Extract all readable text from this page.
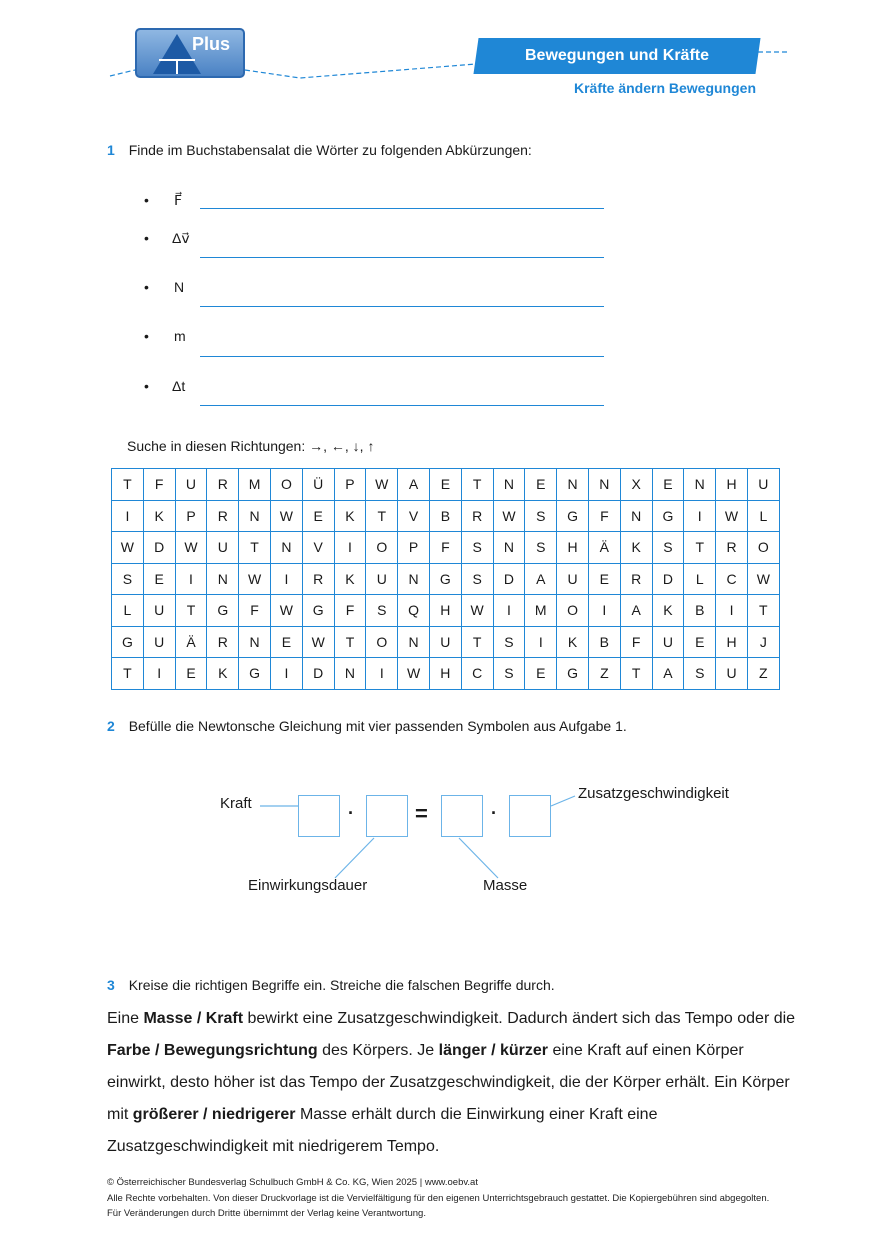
Plus
Bewegungen und Kräfte
Kräfte ändern Bewegungen
1 Finde im Buchstabensalat die Wörter zu folgenden Abkürzungen:
• F⃗
• Δv⃗
• N
• m
• Δt
Suche in diesen Richtungen: →, ←, ↓, ↑
T	F	U	R	M	O	Ü	P	W	A	E	T	N	E	N	N	X	E	N	H	U
I	K	P	R	N	W	E	K	T	V	B	R	W	S	G	F	N	G	I	W	L
W	D	W	U	T	N	V	I	O	P	F	S	N	S	H	Ä	K	S	T	R	O
S	E	I	N	W	I	R	K	U	N	G	S	D	A	U	E	R	D	L	C	W
L	U	T	G	F	W	G	F	S	Q	H	W	I	M	O	I	A	K	B	I	T
G	U	Ä	R	N	E	W	T	O	N	U	T	S	I	K	B	F	U	E	H	J
T	I	E	K	G	I	D	N	I	W	H	C	S	E	G	Z	T	A	S	U	Z
2 Befülle die Newtonsche Gleichung mit vier passenden Symbolen aus Aufgabe 1.
Kraft
Zusatzgeschwindigkeit
Einwirkungsdauer	Masse
·	=	·
3 Kreise die richtigen Begriffe ein. Streiche die falschen Begriffe durch.
Eine Masse / Kraft bewirkt eine Zusatzgeschwindigkeit. Dadurch ändert sich das Tempo oder die Farbe / Bewegungsrichtung des Körpers. Je länger / kürzer eine Kraft auf einen Körper einwirkt, desto höher ist das Tempo der Zusatzgeschwindigkeit, die der Körper erhält. Ein Körper mit größerer / niedrigerer Masse erhält durch die Einwirkung einer Kraft eine Zusatzgeschwindigkeit mit niedrigerem Tempo.
© Österreichischer Bundesverlag Schulbuch GmbH & Co. KG, Wien 2025 | www.oebv.at
Alle Rechte vorbehalten. Von dieser Druckvorlage ist die Vervielfältigung für den eigenen Unterrichtsgebrauch gestattet. Die Kopiergebühren sind abgegolten.
Für Veränderungen durch Dritte übernimmt der Verlag keine Verantwortung.
